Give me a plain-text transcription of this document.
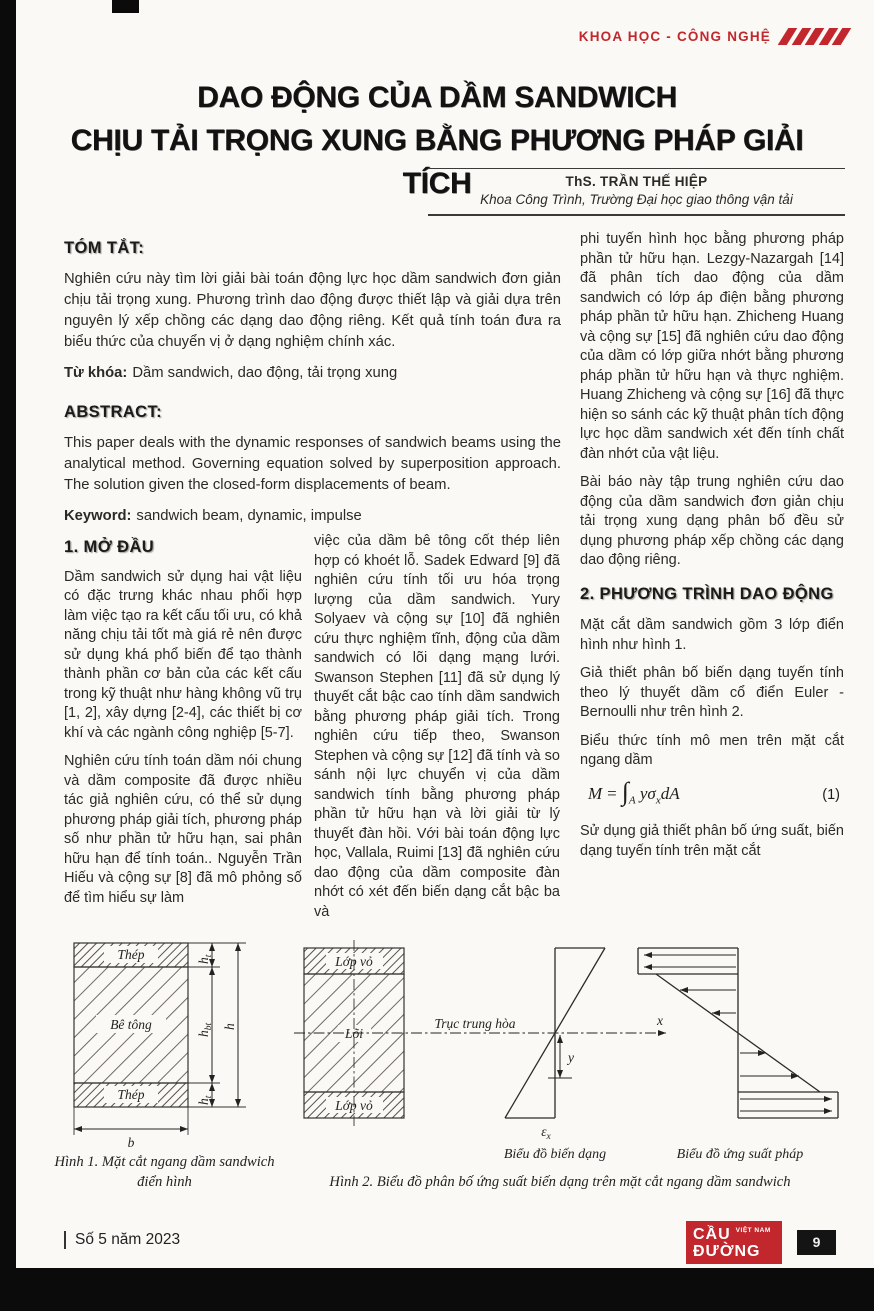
KHOA HỌC - CÔNG NGHỆ
DAO ĐỘNG CỦA DẦM SANDWICH
CHỊU TẢI TRỌNG XUNG BẰNG PHƯƠNG PHÁP GIẢI TÍCH	ThS. TRẦN THẾ HIỆP
Khoa Công Trình, Trường Đại học giao thông vận tải
TÓM TẮT:

Nghiên cứu này tìm lời giải bài toán động lực học dầm sandwich đơn giản chịu tải trọng xung. Phương trình dao động được thiết lập và giải dựa trên nguyên lý xếp chồng các dạng dao động riêng. Kết quả tính toán đưa ra biểu thức của chuyển vị ở dạng nghiệm chính xác.

Từ khóa: Dầm sandwich, dao động, tải trọng xung

ABSTRACT:

This paper deals with the dynamic responses of sandwich beams using the analytical method. Governing equation solved by superposition approach. The solution given the closed-form displacements of beam.

Keyword: sandwich beam, dynamic, impulse

1. MỞ ĐẦU

Dầm sandwich sử dụng hai vật liệu có đặc trưng khác nhau phối hợp làm việc tạo ra kết cấu tối ưu, có khả năng chịu tải tốt mà giá rẻ nên được sử dụng khá phổ biến để tạo thành thành phần cơ bản của các kết cấu trong kỹ thuật như hàng không vũ trụ [1, 2], xây dựng [2-4], các thiết bị cơ khí và các ngành công nghiệp [5-7].

Nghiên cứu tính toán dầm nói chung và dầm composite đã được nhiều tác giả nghiên cứu, có thể sử dụng phương pháp giải tích, phương pháp số như phần tử hữu hạn, sai phân hữu hạn để tính toán.. Nguyễn Trần Hiếu và cộng sự [8] đã mô phỏng số để tìm hiểu sự làm

việc của dầm bê tông cốt thép liên hợp có khoét lỗ. Sadek Edward [9] đã nghiên cứu tính tối ưu hóa trọng lượng của dầm sandwich. Yury Solyaev và cộng sự [10] đã nghiên cứu thực nghiệm tĩnh, động của dầm sandwich có lõi dạng mạng lưới. Swanson Stephen [11] đã sử dụng lý thuyết cắt bậc cao tính dầm sandwich bằng phương pháp giải tích. Trong nghiên cứu tiếp theo, Swanson Stephen và cộng sự [12] đã tính và so sánh nội lực chuyển vị của dầm sandwich tính bằng phương pháp phần tử hữu hạn và lời giải từ lý thuyết đàn hồi. Với bài toán động lực học, Vallala, Ruimi [13] đã nghiên cứu dao động của dầm composite đàn nhớt có xét đến biến dạng cắt bậc ba và

phi tuyến hình học bằng phương pháp phần tử hữu hạn. Lezgy-Nazargah [14] đã phân tích dao động của dầm sandwich có lớp áp điện bằng phương pháp phần tử hữu hạn. Zhicheng Huang và cộng sự [15] đã nghiên cứu dao động của dầm có lớp giữa nhớt bằng phương pháp phần tử hữu hạn và thực nghiệm. Huang Zhicheng và cộng sự [16] đã thực hiện so sánh các kỹ thuật phân tích động lực học dầm sandwich xét đến tính chất đàn nhớt của vật liệu.

Bài báo này tập trung nghiên cứu dao động của dầm sandwich đơn giản chịu tải trọng xung dạng phân bố đều sử dụng phương pháp xếp chồng các dạng dao động riêng.

2. PHƯƠNG TRÌNH DAO ĐỘNG

Mặt cắt dầm sandwich gồm 3 lớp điển hình như hình 1.

Giả thiết phân bố biến dạng tuyến tính theo lý thuyết dầm cổ điển Euler -Bernoulli như trên hình 2.

Biểu thức tính mô men trên mặt cắt ngang dầm

$M = \int_A$ $y\sigma_xdA$	(1)

Sử dụng giả thiết phân bố ứng suất, biến dạng tuyến tính trên mặt cắt

Thép
Bê tông
Thép
$h_t$
$h_{bt}$
$h_t$
h
b
Hình 1. Mặt cắt ngang dầm sandwich điển hình
Lớp vỏ
Lõi
Lớp vỏ
x
Trục trung hòa
y
$\varepsilon_x$
Biểu đồ biến dạng	Biểu đồ ứng suất pháp
Hình 2. Biểu đồ phân bố ứng suất biến dạng trên mặt cắt ngang dầm sandwich
Số 5 năm 2023	CẦU VIỆT NAM
ĐƯỜNG
9
